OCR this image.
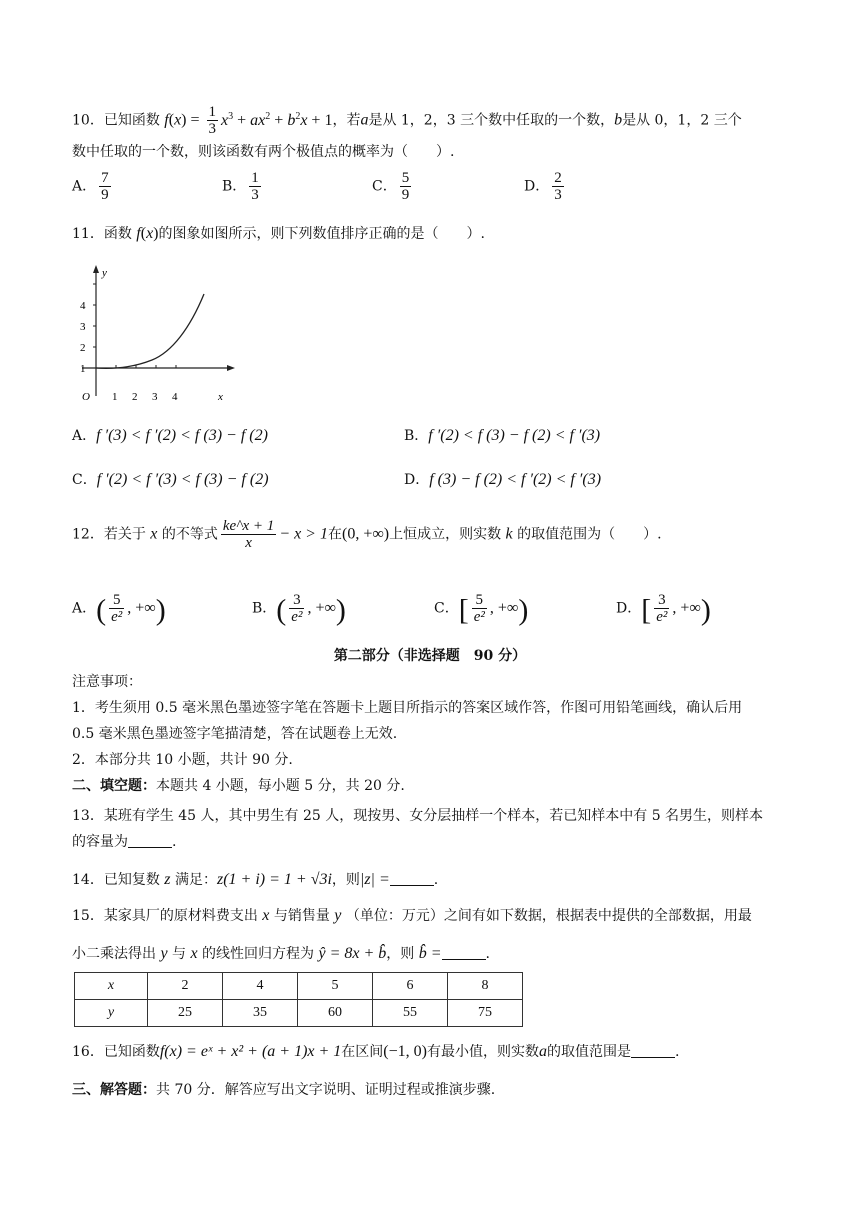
10．已知函数 $f(x) = \frac{1}{3} x^3 + ax^2 + b^2x + 1$，若a是从 1，2，3 三个数中任取的一个数，b是从 0，1，2 三个
数中任取的一个数，则该函数有两个极值点的概率为（　　）.
A． $\frac{7}{9}$	B． $\frac{1}{3}$	C． $\frac{5}{9}$	D． $\frac{2}{3}$
11．函数 f(x)的图象如图所示，则下列数值排序正确的是（　　）.
y
x
O
1
2
3
4
1 2 3 4
A．f ′(3) < f ′(2) < f (3) − f (2)	B．f ′(2) < f (3) − f (2) < f ′(3)
C．f ′(2) < f ′(3) < f (3) − f (2)	D．f (3) − f (2) < f ′(2) < f ′(3)
12．若关于 x 的不等式 $\frac{ke\^{}x + 1}{x} - x > 1$在(0, +∞)上恒成立，则实数 k 的取值范围为（　　）.
A．( $\frac{5}{\text{e²}}$ , +∞)	B．( $\frac{3}{\text{e²}}$ , +∞)	C．[ $\frac{5}{\text{e²}}$ , +∞)	D．[ $\frac{3}{\text{e²}}$ , +∞)
第二部分（非选择题　90 分）
注意事项：
1．考生须用 0.5 毫米黑色墨迹签字笔在答题卡上题目所指示的答案区域作答，作图可用铅笔画线，确认后用
0.5 毫米黑色墨迹签字笔描清楚，答在试题卷上无效.
2．本部分共 10 小题，共计 90 分.
二、填空题：本题共 4 小题，每小题 5 分，共 20 分.
13．某班有学生 45 人，其中男生有 25 人，现按男、女分层抽样一个样本，若已知样本中有 5 名男生，则样本
的容量为	.
14．已知复数 z 满足：z(1 + i) = 1 + √3i，则|z| =	.
15．某家具厂的原材料费支出 x 与销售量 y （单位：万元）之间有如下数据，根据表中提供的全部数据，用最
小二乘法得出 y 与 x 的线性回归方程为 ŷ = 8x + b̂，则 b̂ =	.
x	2	4	5	6	8
y	25	35	60	55	75
16．已知函数f(x) = eˣ + x² + (a + 1)x + 1在区间(−1, 0)有最小值，则实数a的取值范围是	.
三、解答题：共 70 分．解答应写出文字说明、证明过程或推演步骤.
